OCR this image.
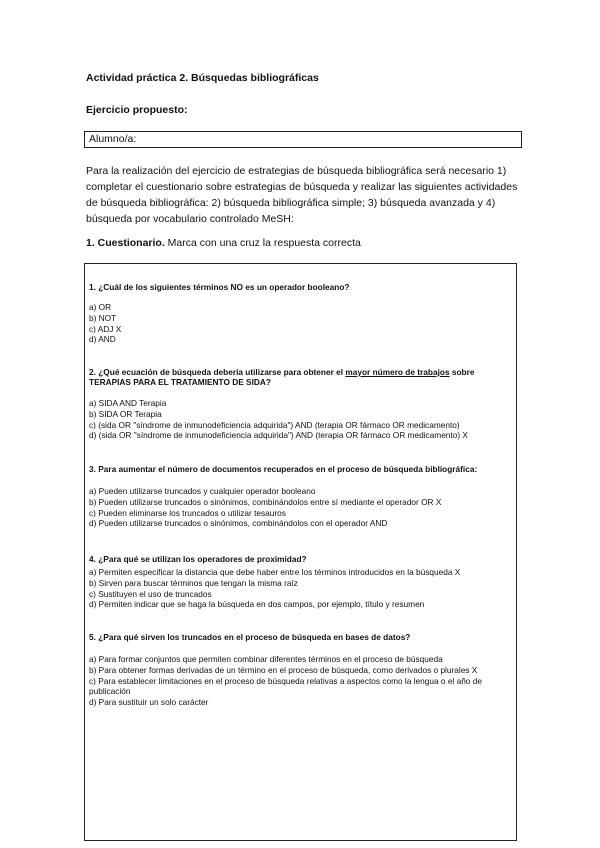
Actividad práctica 2. Búsquedas bibliográficas
Ejercicio propuesto:
Alumno/a:

Para la realización del ejercicio de estrategias de búsqueda bibliográfica será necesario 1) completar el cuestionario sobre estrategias de búsqueda y realizar las siguientes actividades de búsqueda bibliográfica: 2) búsqueda bibliográfica simple; 3) búsqueda avanzada y 4) búsqueda por vocabulario controlado MeSH:

1. Cuestionario. Marca con una cruz la respuesta correcta

1. ¿Cuál de los siguientes términos NO es un operador booleano?

a) OR
b) NOT
c) ADJ X
d) AND

2. ¿Qué ecuación de búsqueda debería utilizarse para obtener el mayor número de trabajos sobre TERAPIAS PARA EL TRATAMIENTO DE SIDA?

a) SIDA AND Terapia
b) SIDA OR Terapia
c) (sida OR "síndrome de inmunodeficiencia adquirida") AND (terapia OR fármaco OR medicamento)
d) (sida OR "síndrome de inmunodeficiencia adquirida") AND (terapia OR fármaco OR medicamento) X

3. Para aumentar el número de documentos recuperados en el proceso de búsqueda bibliográfica:

a) Pueden utilizarse truncados y cualquier operador booleano
b) Pueden utilizarse truncados o sinónimos, combinándolos entre sí mediante el operador OR X
c) Pueden eliminarse los truncados o utilizar tesauros
d) Pueden utilizarse truncados o sinónimos, combinándolos con el operador AND

4. ¿Para qué se utilizan los operadores de proximidad?

a) Permiten especificar la distancia que debe haber entre los términos introducidos en la búsqueda X
b) Sirven para buscar términos que tengan la misma raíz
c) Sustituyen el uso de truncados
d) Permiten indicar que se haga la búsqueda en dos campos, por ejemplo, título y resumen

5. ¿Para qué sirven los truncados en el proceso de búsqueda en bases de datos?

a) Para formar conjuntos que permiten combinar diferentes términos en el proceso de búsqueda
b) Para obtener formas derivadas de un término en el proceso de búsqueda, como derivados o plurales X
c) Para establecer limitaciones en el proceso de búsqueda relativas a aspectos como la lengua o el año de publicación
d) Para sustituir un solo carácter
